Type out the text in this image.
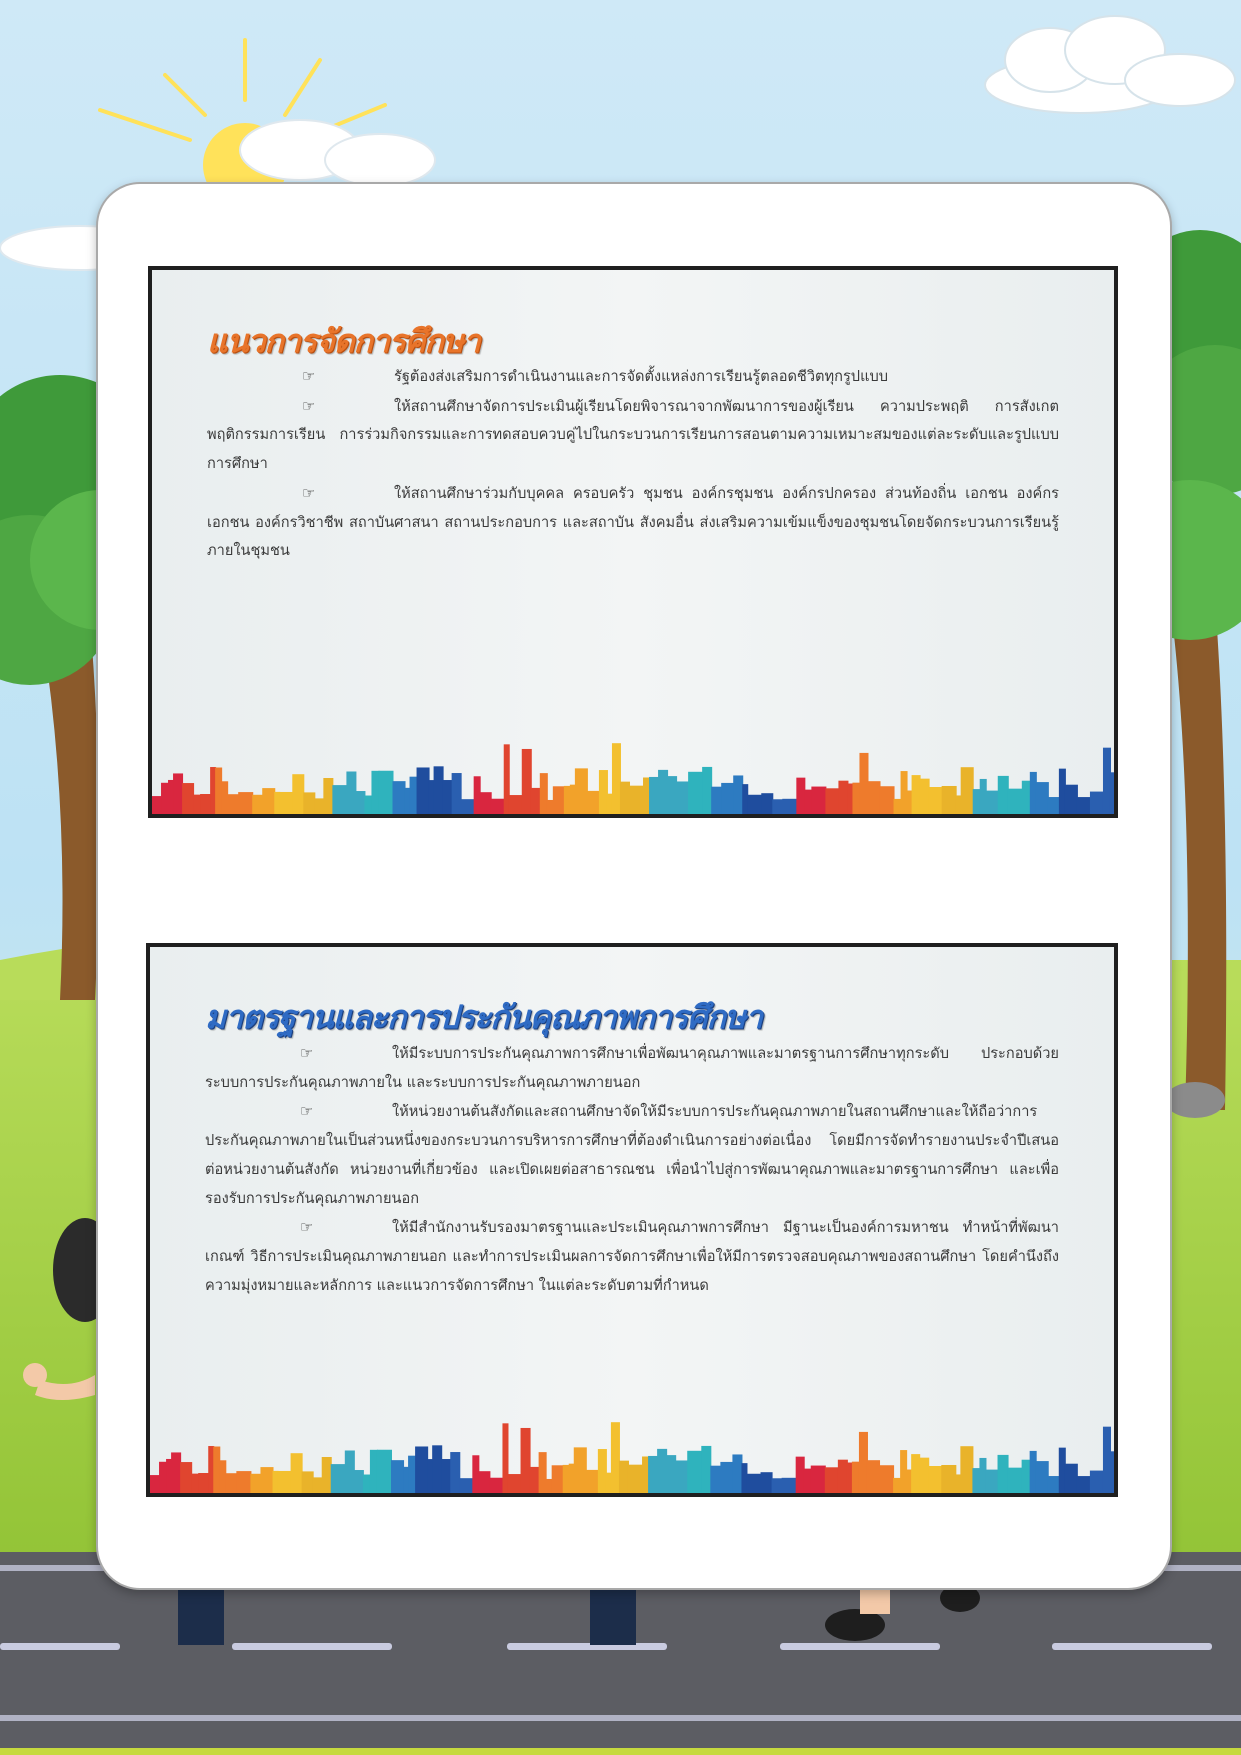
แนวการจัดการศึกษา

☞	รัฐต้องส่งเสริมการดำเนินงานและการจัดตั้งแหล่งการเรียนรู้ตลอดชีวิตทุกรูปแบบ

☞	ให้สถานศึกษาจัดการประเมินผู้เรียนโดยพิจารณาจากพัฒนาการของผู้เรียน ความประพฤติ การสังเกตพฤติกรรมการเรียน การร่วมกิจกรรมและการทดสอบควบคู่ไปในกระบวนการเรียนการสอนตามความเหมาะสมของแต่ละระดับและรูปแบบการศึกษา

☞	ให้สถานศึกษาร่วมกับบุคคล ครอบครัว ชุมชน องค์กรชุมชน องค์กรปกครอง ส่วนท้องถิ่น เอกชน องค์กรเอกชน องค์กรวิชาชีพ สถาบันศาสนา สถานประกอบการ และสถาบัน สังคมอื่น ส่งเสริมความเข้มแข็งของชุมชนโดยจัดกระบวนการเรียนรู้ภายในชุมชน

มาตรฐานและการประกันคุณภาพการศึกษา

☞	ให้มีระบบการประกันคุณภาพการศึกษาเพื่อพัฒนาคุณภาพและมาตรฐานการศึกษาทุกระดับ ประกอบด้วยระบบการประกันคุณภาพภายใน และระบบการประกันคุณภาพภายนอก

☞	ให้หน่วยงานต้นสังกัดและสถานศึกษาจัดให้มีระบบการประกันคุณภาพภายในสถานศึกษาและให้ถือว่าการประกันคุณภาพภายในเป็นส่วนหนึ่งของกระบวนการบริหารการศึกษาที่ต้องดำเนินการอย่างต่อเนื่อง โดยมีการจัดทำรายงานประจำปีเสนอต่อหน่วยงานต้นสังกัด หน่วยงานที่เกี่ยวข้อง และเปิดเผยต่อสาธารณชน เพื่อนำไปสู่การพัฒนาคุณภาพและมาตรฐานการศึกษา และเพื่อรองรับการประกันคุณภาพภายนอก

☞	ให้มีสำนักงานรับรองมาตรฐานและประเมินคุณภาพการศึกษา มีฐานะเป็นองค์การมหาชน ทำหน้าที่พัฒนาเกณฑ์ วิธีการประเมินคุณภาพภายนอก และทำการประเมินผลการจัดการศึกษาเพื่อให้มีการตรวจสอบคุณภาพของสถานศึกษา โดยคำนึงถึงความมุ่งหมายและหลักการ และแนวการจัดการศึกษา ในแต่ละระดับตามที่กำหนด
